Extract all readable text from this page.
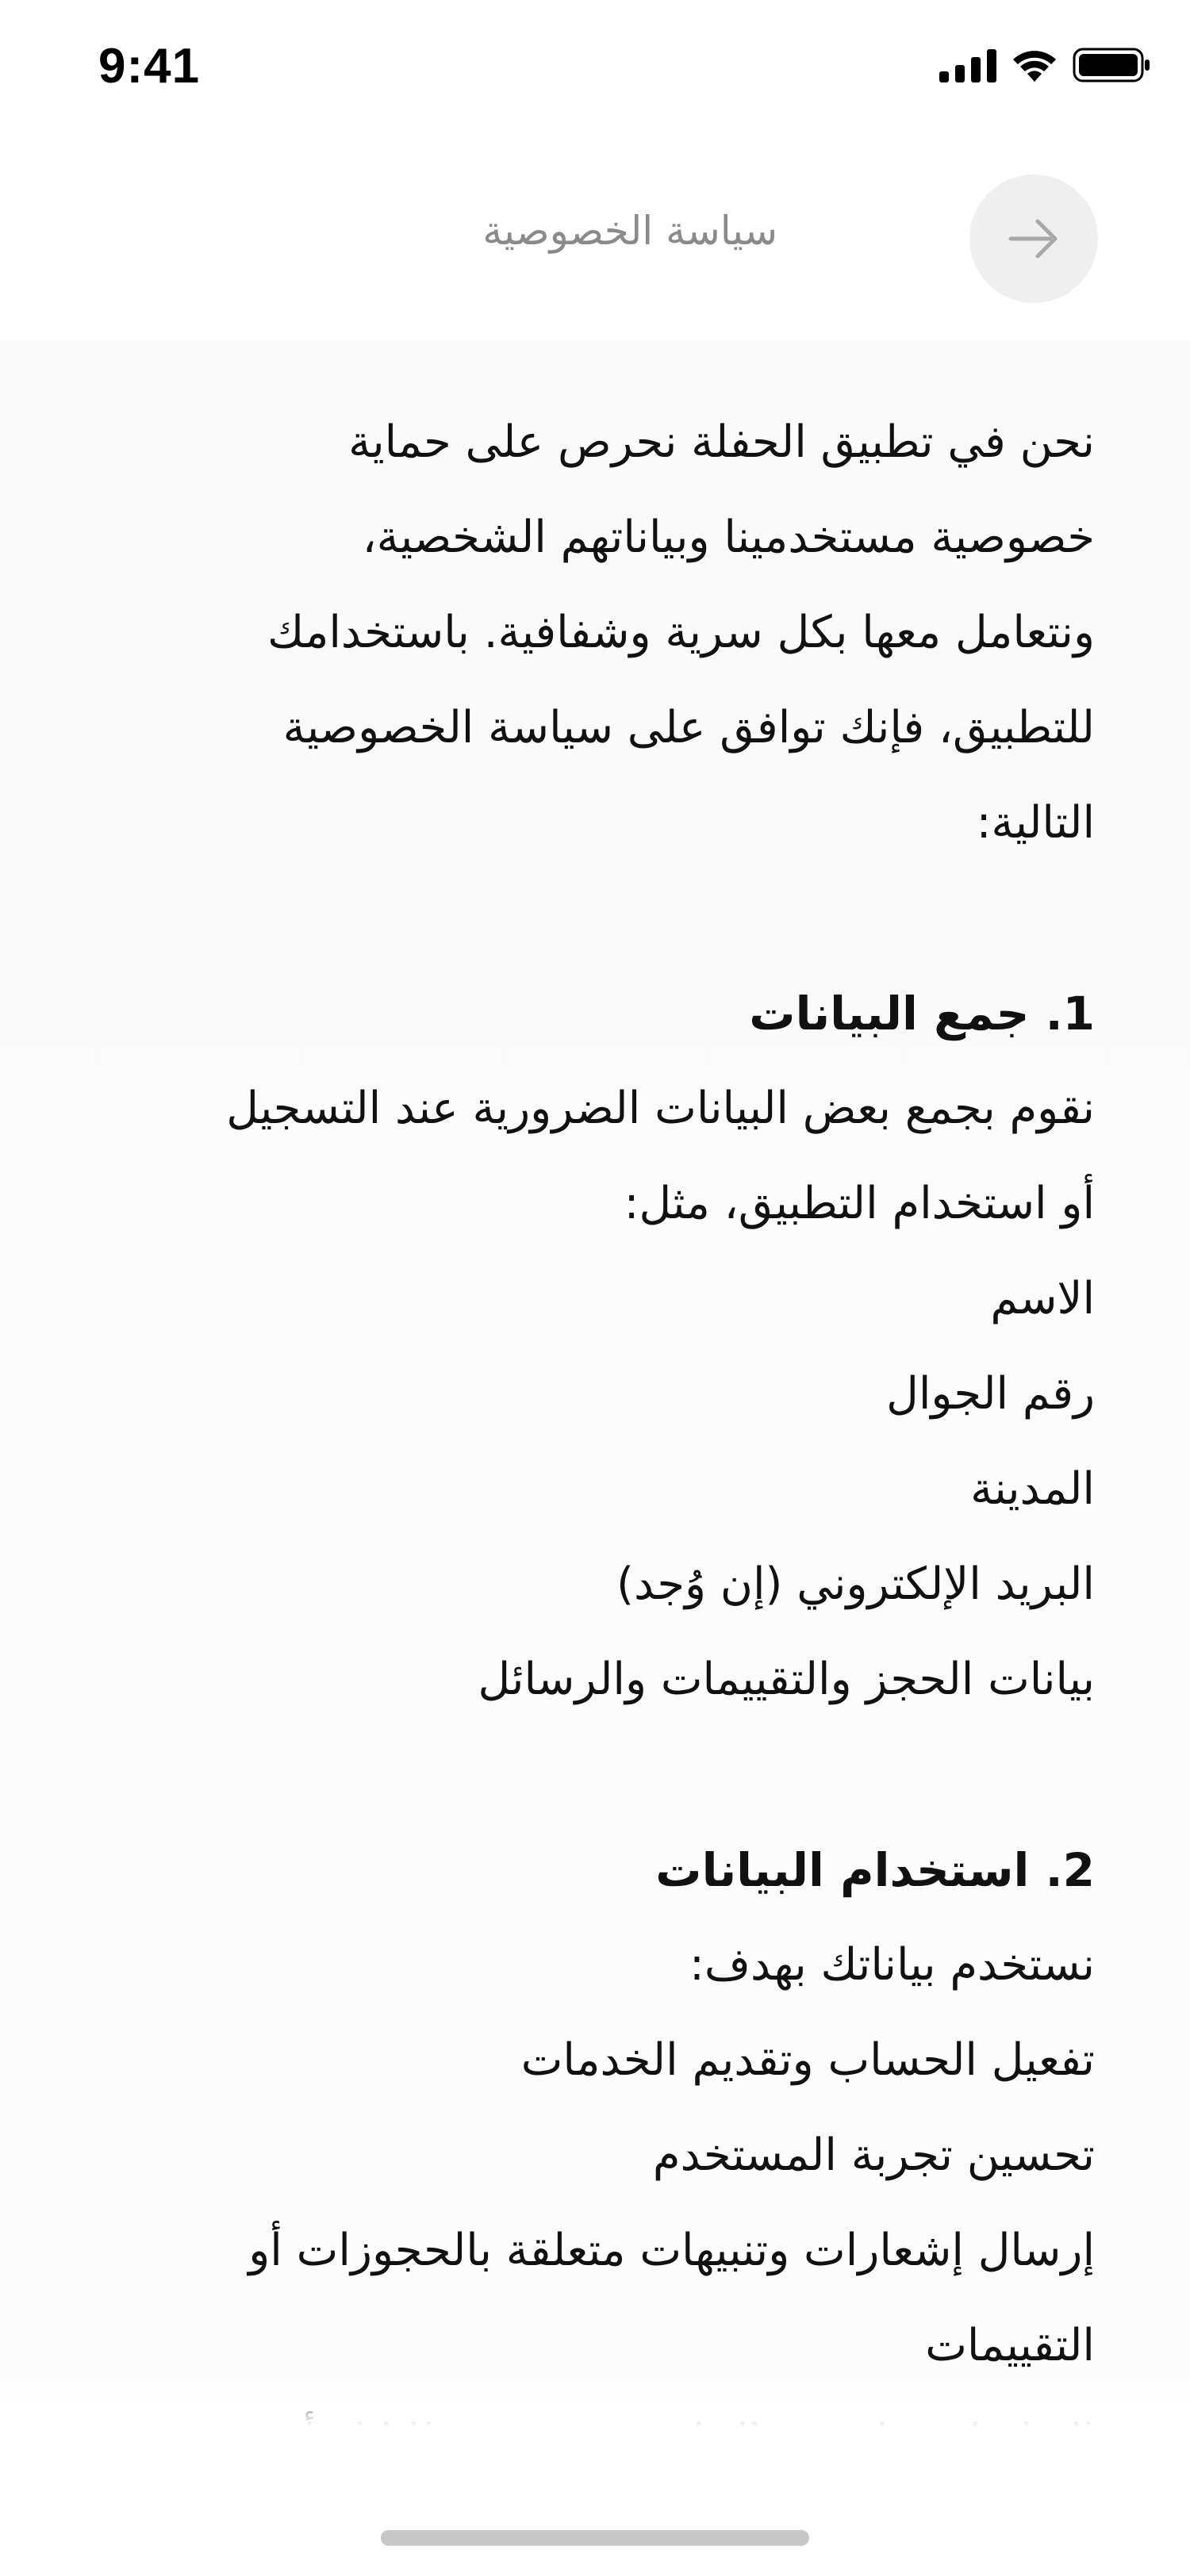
9:41
سياسة الخصوصية
نحن في تطبيق الحفلة نحرص على حماية
خصوصية مستخدمينا وبياناتهم الشخصية،
ونتعامل معها بكل سرية وشفافية. باستخدامك
للتطبيق، فإنك توافق على سياسة الخصوصية
التالية:
1. جمع البيانات
نقوم بجمع بعض البيانات الضرورية عند التسجيل
أو استخدام التطبيق، مثل:
الاسم
رقم الجوال
المدينة
البريد الإلكتروني (إن وُجد)
بيانات الحجز والتقييمات والرسائل
2. استخدام البيانات
نستخدم بياناتك بهدف:
تفعيل الحساب وتقديم الخدمات
تحسين تجربة المستخدم
إرسال إشعارات وتنبيهات متعلقة بالحجوزات أو
التقييمات
